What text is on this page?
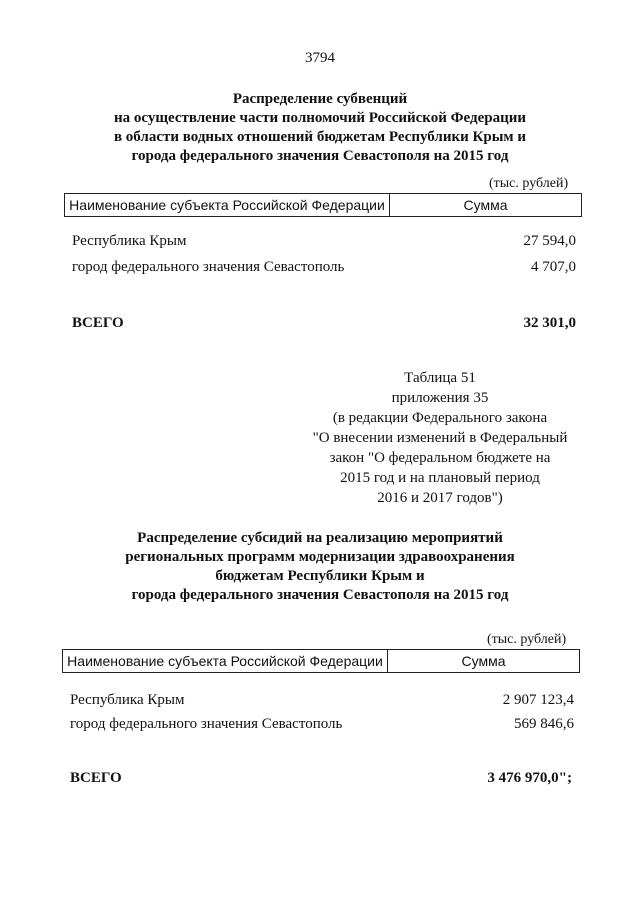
3794
Распределение субвенций
на осуществление части полномочий Российской Федерации
в области водных отношений бюджетам Республики Крым и
города федерального значения Севастополя на 2015 год
(тыс. рублей)
Наименование субъекта Российской Федерации	Сумма
Республика Крым	27 594,0
город федерального значения Севастополь	4 707,0
ВСЕГО	32 301,0
Таблица 51
приложения 35
(в редакции Федерального закона
"О внесении изменений в Федеральный
закон "О федеральном бюджете на
2015 год и на плановый период
2016 и 2017 годов")
Распределение субсидий на реализацию мероприятий
региональных программ модернизации здравоохранения
бюджетам Республики Крым и
города федерального значения Севастополя на 2015 год
(тыс. рублей)
Наименование субъекта Российской Федерации	Сумма
Республика Крым	2 907 123,4
город федерального значения Севастополь	569 846,6
ВСЕГО	3 476 970,0";
